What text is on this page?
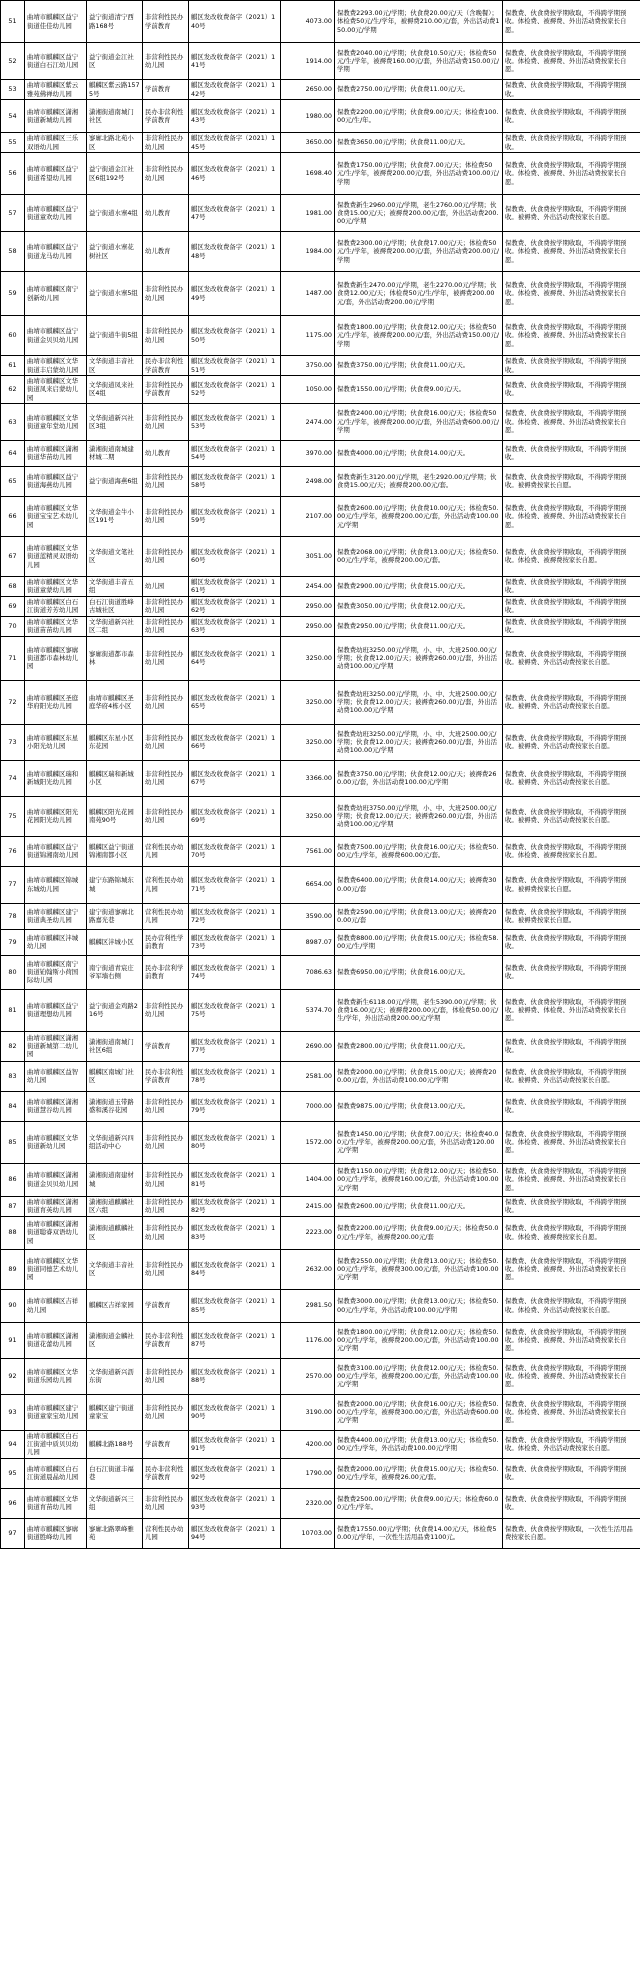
51	曲靖市麒麟区益宁街道佳佳幼儿园	益宁街道清宁西路168号	非营利性民办学前教育	麒区发改收费备字（2021）140号	4073.00	保教费2293.00元/学期；伙食费20.00元/天（含晚餐）；体检费50元/生/学年，被褥费210.00元/套，外出活动费150.00元/学期	保教费、伙食费按学期收取，不得跨学期预收。体检费、被褥费、外出活动费按家长自愿。
52	曲靖市麒麟区益宁街道白石江幼儿园	益宁街道金江社区	非营利性民办幼儿园	麒区发改收费备字（2021）141号	1914.00	保教费2040.00元/学期；伙食费10.50元/天；体检费50元/生/学年，被褥费160.00元/套，外出活动费150.00元/学期	保教费、伙食费按学期收取，不得跨学期预收。体检费、被褥费、外出活动费按家长自愿。
53	曲靖市麒麟区紫云雅苑佛禅幼儿园	麒麟区紫云路1575号	学前教育	麒区发改收费备字（2021）142号	2650.00	保教费2750.00元/学期；伙食费11.00元/天。	保教费、伙食费按学期收取，不得跨学期预收。
54	曲靖市麒麟区潇湘街道新城幼儿园	潇湘街道南城门社区	民办非营利性学前教育	麒区发改收费备字（2021）143号	1980.00	保教费2200.00元/学期；伙食费9.00元/天；体检费100.00元/生/年。	保教费、伙食费按学期收取，不得跨学期预收。
55	曲靖市麒麟区三乐双语幼儿园	寥廓北路北苑小区	非营利性民办幼儿园	麒区发改收费备字（2021）145号	3650.00	保教费3650.00元/学期；伙食费11.00元/天。	保教费、伙食费按学期收取，不得跨学期预收。
56	曲靖市麒麟区益宁街道希望幼儿园	益宁街道金江社区6组192号	非营利性民办幼儿园	麒区发改收费备字（2021）146号	1698.40	保教费1750.00元/学期；伙食费7.00元/天；体检费50元/生/学年，被褥费200.00元/套，外出活动费100.00元/学期	保教费、伙食费按学期收取，不得跨学期预收。体检费、被褥费、外出活动费按家长自愿。
57	曲靖市麒麟区益宁街道童欢幼儿园	益宁街道水寨4组	幼儿教育	麒区发改收费备字（2021）147号	1981.00	保教费新生2960.00元/学期，老生2760.00元/学期；伙食费15.00元/天；被褥费200.00元/套，外出活动费200.00元/学期	保教费、伙食费按学期收取，不得跨学期预收。被褥费、外出活动费按家长自愿。
58	曲靖市麒麟区益宁街道龙马幼儿园	益宁街道水寨花树社区	幼儿教育	麒区发改收费备字（2021）148号	1984.00	保教费2300.00元/学期；伙食费17.00元/天；体检费50元/生/学年，被褥费200.00元/套，外出活动费200.00元/学期	保教费、伙食费按学期收取，不得跨学期预收。体检费、被褥费、外出活动费按家长自愿。
59	曲靖市麒麟区南宁创新幼儿园	益宁街道水寨5组	非营利性民办幼儿园	麒区发改收费备字（2021）149号	1487.00	保教费新生2470.00元/学期，老生2270.00元/学期；伙食费12.00元/天；体检费50元/生/学年，被褥费200.00元/套，外出活动费200.00元/学期	保教费、伙食费按学期收取，不得跨学期预收。体检费、被褥费、外出活动费按家长自愿。
60	曲靖市麒麟区益宁街道金贝贝幼儿园	益宁街道牛街5组	非营利性民办幼儿园	麒区发改收费备字（2021）150号	1175.00	保教费1800.00元/学期；伙食费12.00元/天；体检费50元/生/学年，被褥费200.00元/套，外出活动费150.00元/学期	保教费、伙食费按学期收取，不得跨学期预收。体检费、被褥费、外出活动费按家长自愿。
61	曲靖市麒麟区文华街道丰启蒙幼儿园	文华街道丰音社区	民办非营利性学前教育	麒区发改收费备字（2021）151号	3750.00	保教费3750.00元/学期；伙食费11.00元/天。	保教费、伙食费按学期收取，不得跨学期预收。
62	曲靖市麒麟区文华街道凤来启蒙幼儿园	文华街道凤来社区4组	非营利性民办学前教育	麒区发改收费备字（2021）152号	1050.00	保教费1550.00元/学期；伙食费9.00元/天。	保教费、伙食费按学期收取，不得跨学期预收。
63	曲靖市麒麟区文华街道童年堂幼儿园	文华街道新兴社区3组	非营利性民办幼儿园	麒区发改收费备字（2021）153号	2474.00	保教费2400.00元/学期；伙食费16.00元/天；体检费50元/生/学年，被褥费200.00元/套，外出活动费600.00元/学期	保教费、伙食费按学期收取，不得跨学期预收。体检费、被褥费、外出活动费按家长自愿。
64	曲靖市麒麟区潇湘街道华苗幼儿园	潇湘街道南城建材城二期	幼儿教育	麒区发改收费备字（2021）154号	3970.00	保教费4000.00元/学期；伙食费14.00元/天。	保教费、伙食费按学期收取，不得跨学期预收。
65	曲靖市麒麟区益宁街道海燕幼儿园	益宁街道海燕6组	非营利性民办幼儿园	麒区发改收费备字（2021）158号	2498.00	保教费新生3120.00元/学期，老生2920.00元/学期；伙食费15.00元/天；被褥费200.00元/套。	保教费、伙食费按学期收取，不得跨学期预收。被褥费按家长自愿。
66	曲靖市麒麟区文华街道宝宝艺术幼儿园	文华街道金牛小区191号	非营利性民办幼儿园	麒区发改收费备字（2021）159号	2107.00	保教费2600.00元/学期；伙食费10.00元/天；体检费50.00元/生/学年，被褥费200.00元/套，外出活动费100.00元/学期	保教费、伙食费按学期收取，不得跨学期预收。体检费、被褥费、外出活动费按家长自愿。
67	曲靖市麒麟区文华街道蓝精灵双语幼儿园	文华街道文笔社区	非营利性民办幼儿园	麒区发改收费备字（2021）160号	3051.00	保教费2068.00元/学期；伙食费13.00元/天；体检费50.00元/生/学年，被褥费200.00元/套。	保教费、伙食费按学期收取，不得跨学期预收。体检费、被褥费按家长自愿。
68	曲靖市麒麟区文华街道童蒙幼儿园	文华街道丰音五组	幼儿园	麒区发改收费备字（2021）161号	2454.00	保教费2900.00元/学期；伙食费15.00元/天。	保教费、伙食费按学期收取，不得跨学期预收。
69	曲靖市麒麟区白石江街道芳芳幼儿园	白石江街道胜峰古城社区	非营利性民办幼儿园	麒区发改收费备字（2021）162号	2950.00	保教费3050.00元/学期；伙食费12.00元/天。	保教费、伙食费按学期收取，不得跨学期预收。
70	曲靖市麒麟区文华街道苗苗幼儿园	文华街道新兴社区二组	非营利性民办幼儿园	麒区发改收费备字（2021）163号	2950.00	保教费2950.00元/学期；伙食费11.00元/天。	保教费、伙食费按学期收取，不得跨学期预收。
71	曲靖市麒麟区寥廓街道都市森林幼儿园	寥廓街道都市森林	非营利性民办幼儿园	麒区发改收费备字（2021）164号	3250.00	保教费幼班3250.00元/学期，小、中、大班2500.00元/学期；伙食费12.00元/天；被褥费260.00元/套，外出活动费100.00元/学期	保教费、伙食费按学期收取，不得跨学期预收。被褥费、外出活动费按家长自愿。
72	曲靖市麒麟区圣庭华府阳光幼儿园	曲靖市麒麟区圣庭华府4栋小区	非营利性民办幼儿园	麒区发改收费备字（2021）165号	3250.00	保教费幼班3250.00元/学期，小、中、大班2500.00元/学期；伙食费12.00元/天；被褥费260.00元/套，外出活动费100.00元/学期	保教费、伙食费按学期收取，不得跨学期预收。被褥费、外出活动费按家长自愿。
73	曲靖市麒麟区东星小阳光幼儿园	麒麟区东星小区东花园	非营利性民办幼儿园	麒区发改收费备字（2021）166号	3250.00	保教费幼班3250.00元/学期，小、中、大班2500.00元/学期；伙食费12.00元/天；被褥费260.00元/套，外出活动费100.00元/学期	保教费、伙食费按学期收取，不得跨学期预收。被褥费、外出活动费按家长自愿。
74	曲靖市麒麟区瑞和新城阳光幼儿园	麒麟区瑞和新城小区	非营利性民办幼儿园	麒区发改收费备字（2021）167号	3366.00	保教费3750.00元/学期；伙食费12.00元/天；被褥费260.00元/套，外出活动费100.00元/学期	保教费、伙食费按学期收取，不得跨学期预收。被褥费、外出活动费按家长自愿。
75	曲靖市麒麟区阳光花园阳光幼儿园	麒麟区阳光花园南苑90号	非营利性民办幼儿园	麒区发改收费备字（2021）169号	3250.00	保教费幼班3750.00元/学期，小、中、大班2500.00元/学期；伙食费12.00元/天；被褥费260.00元/套，外出活动费100.00元/学期	保教费、伙食费按学期收取，不得跨学期预收。被褥费、外出活动费按家长自愿。
76	曲靖市麒麟区益宁街道锦湘南幼儿园	麒麟区益宁街道锦湘南都小区	营利性民办幼儿园	麒区发改收费备字（2021）170号	7561.00	保教费7500.00元/学期；伙食费16.00元/天；体检费50.00元/生/学年，被褥费600.00元/套。	保教费、伙食费按学期收取，不得跨学期预收。体检费、被褥费按家长自愿。
77	曲靖市麒麟区锦城东城幼儿园	建宁东路锦城东城	营利性民办幼儿园	麒区发改收费备字（2021）171号	6654.00	保教费6400.00元/学期；伙食费14.00元/天；被褥费300.00元/套	保教费、伙食费按学期收取，不得跨学期预收。被褥费按家长自愿。
78	曲靖市麒麟区建宁街道典圣幼儿园	建宁街道寥廓北路嘉光巷	营利性民办幼儿园	麒区发改收费备字（2021）172号	3590.00	保教费2590.00元/学期；伙食费13.00元/天；被褥费200.00元/套	保教费、伙食费按学期收取，不得跨学期预收。被褥费按家长自愿。
79	曲靖市麒麟区沣城幼儿园	麒麟区沣城小区	民办营利性学前教育	麒区发改收费备字（2021）173号	8987.07	保教费8800.00元/学期；伙食费15.00元/天；体检费58.00元/生/学期	保教费、伙食费按学期收取，不得跨学期预收。
80	曲靖市麒麟区南宁街道铂翰斯小荷国际幼儿园	南宁街道青宸庄爷军墙右侧	民办非营利学前教育	麒区发改收费备字（2021）174号	7086.63	保教费6950.00元/学期；伙食费16.00元/天。	保教费、伙食费按学期收取，不得跨学期预收。
81	曲靖市麒麟区益宁街道理想幼儿园	益宁街道金鸡路216号	非营利性民办幼儿园	麒区发改收费备字（2021）175号	5374.70	保教费新生6118.00元/学期，老生5390.00元/学期；伙食费16.00元/天；被褥费200.00元/套，体检费50.00元/生/学年，外出活动费200.00元/学期	保教费、伙食费按学期收取，不得跨学期预收。被褥费、体检费、外出活动费按家长自愿。
82	曲靖市麒麟区潇湘街道新城第二幼儿园	潇湘街道南城门社区6组	学前教育	麒区发改收费备字（2021）177号	2690.00	保教费2800.00元/学期；伙食费11.00元/天。	保教费、伙食费按学期收取，不得跨学期预收。
83	曲靖市麒麟区益智幼儿园	麒麟区南城门社区	民办非营利性学前教育	麒区发改收费备字（2021）178号	2581.00	保教费2000.00元/学期；伙食费15.00元/天；被褥费200.00元/套，外出活动费100.00元/学期	保教费、伙食费按学期收取，不得跨学期预收。被褥费、外出活动费按家长自愿。
84	曲靖市麒麟区潇湘街道慧谷幼儿园	潇湘街道玉带路盛和溪谷花园	非营利性民办幼儿园	麒区发改收费备字（2021）179号	7000.00	保教费9875.00元/学期；伙食费13.00元/天。	保教费、伙食费按学期收取，不得跨学期预收。
85	曲靖市麒麟区文华街道新幼儿园	文华街道新兴四组活动中心	非营利性民办幼儿园	麒区发改收费备字（2021）180号	1572.00	保教费1450.00元/学期；伙食费7.00元/天；体检费40.00元/生/学年，被褥费200.00元/套，外出活动费120.00元/学期	保教费、伙食费按学期收取，不得跨学期预收。体检费、被褥费、外出活动费按家长自愿。
86	曲靖市麒麟区潇湘街道金贝贝幼儿园	潇湘街道南建材城	非营利性民办幼儿园	麒区发改收费备字（2021）181号	1404.00	保教费1150.00元/学期；伙食费12.00元/天；体检费50.00元/生/学年，被褥费160.00元/套，外出活动费100.00元/学期	保教费、伙食费按学期收取，不得跨学期预收。体检费、被褥费、外出活动费按家长自愿。
87	曲靖市麒麟区潇湘街道育英幼儿园	潇湘街道麒麟社区六组	非营利性民办幼儿园	麒区发改收费备字（2021）182号	2415.00	保教费2600.00元/学期；伙食费11.00元/天。	保教费、伙食费按学期收取，不得跨学期预收。
88	曲靖市麒麟区潇湘街道聪睿双语幼儿园	潇湘街道麒麟社区	非营利性民办幼儿园	麒区发改收费备字（2021）183号	2223.00	保教费2200.00元/学期；伙食费9.00元/天；体检费50.00元/生/学年，被褥费200.00元/套	保教费、伙食费按学期收取，不得跨学期预收。体检费、被褥费按家长自愿。
89	曲靖市麒麟区文华街道同德艺术幼儿园	文华街道丰音社区	非营利性民办幼儿园	麒区发改收费备字（2021）184号	2632.00	保教费2550.00元/学期；伙食费13.00元/天；体检费50.00元/生/学年，被褥费300.00元/套，外出活动费100.00元/学期	保教费、伙食费按学期收取，不得跨学期预收。体检费、被褥费、外出活动费按家长自愿。
90	曲靖市麒麟区吉祥幼儿园	麒麟区吉祥家园	学前教育	麒区发改收费备字（2021）185号	2981.50	保教费3000.00元/学期；伙食费13.00元/天；体检费50.00元/生/学年，外出活动费100.00元/学期	保教费、伙食费按学期收取，不得跨学期预收。体检费、外出活动费按家长自愿。
91	曲靖市麒麟区潇湘街道花蕾幼儿园	潇湘街道金麟社区	民办非营利性学前教育	麒区发改收费备字（2021）187号	1176.00	保教费1800.00元/学期；伙食费12.00元/天；体检费50.00元/生/学年，被褥费200.00元/套，外出活动费100.00元/学期	保教费、伙食费按学期收取，不得跨学期预收。体检费、被褥费、外出活动费按家长自愿。
92	曲靖市麒麟区文华街道乐园幼儿园	文华街道新兴沥东街	非营利性民办幼儿园	麒区发改收费备字（2021）188号	2570.00	保教费3100.00元/学期；伙食费12.00元/天；体检费50.00元/生/学年，被褥费200.00元/套，外出活动费100.00元/学期	保教费、伙食费按学期收取，不得跨学期预收。体检费、被褥费、外出活动费按家长自愿。
93	曲靖市麒麟区建宁街道童家宝幼儿园	麒麟区建宁街道童家宝	非营利性民办幼儿园	麒区发改收费备字（2021）190号	3190.00	保教费2000.00元/学期；伙食费16.00元/天；体检费50.00元/生/学年，被褥费300.00元/套，外出活动费600.00元/学期	保教费、伙食费按学期收取，不得跨学期预收。体检费、被褥费、外出活动费按家长自愿。
94	曲靖市麒麟区白石江街道中质贝贝幼儿园	麒麟北路188号	学前教育	麒区发改收费备字（2021）191号	4200.00	保教费4400.00元/学期；伙食费13.00元/天；体检费50.00元/生/学年，外出活动费100.00元/学期	保教费、伙食费按学期收取，不得跨学期预收。体检费、外出活动费按家长自愿。
95	曲靖市麒麟区白石江街道晨晶幼儿园	白石江街道丰福巷	民办非营利性学前教育	麒区发改收费备字（2021）192号	1790.00	保教费2000.00元/学期；伙食费15.00元/天；体检费50.00元/生/学年，被褥费26.00元/套。	保教费、伙食费按学期收取，不得跨学期预收。
96	曲靖市麒麟区文华街道育苗幼儿园	文华街道新兴三组	非营利性民办幼儿园	麒区发改收费备字（2021）193号	2320.00	保教费2500.00元/学期；伙食费9.00元/天；体检费60.00元/生/学年。	保教费、伙食费按学期收取，不得跨学期预收。
97	曲靖市麒麟区寥廓街道胜峰幼儿园	寥廓北路翠峰雅苑	营利性民办幼儿园	麒区发改收费备字（2021）194号	10703.00	保教费17550.00元/学期；伙食费14.00元/天，体检费50.00元/学年，一次性生活用品费1100元。	保教费、伙食费按学期收取，一次性生活用品费按家长自愿。
